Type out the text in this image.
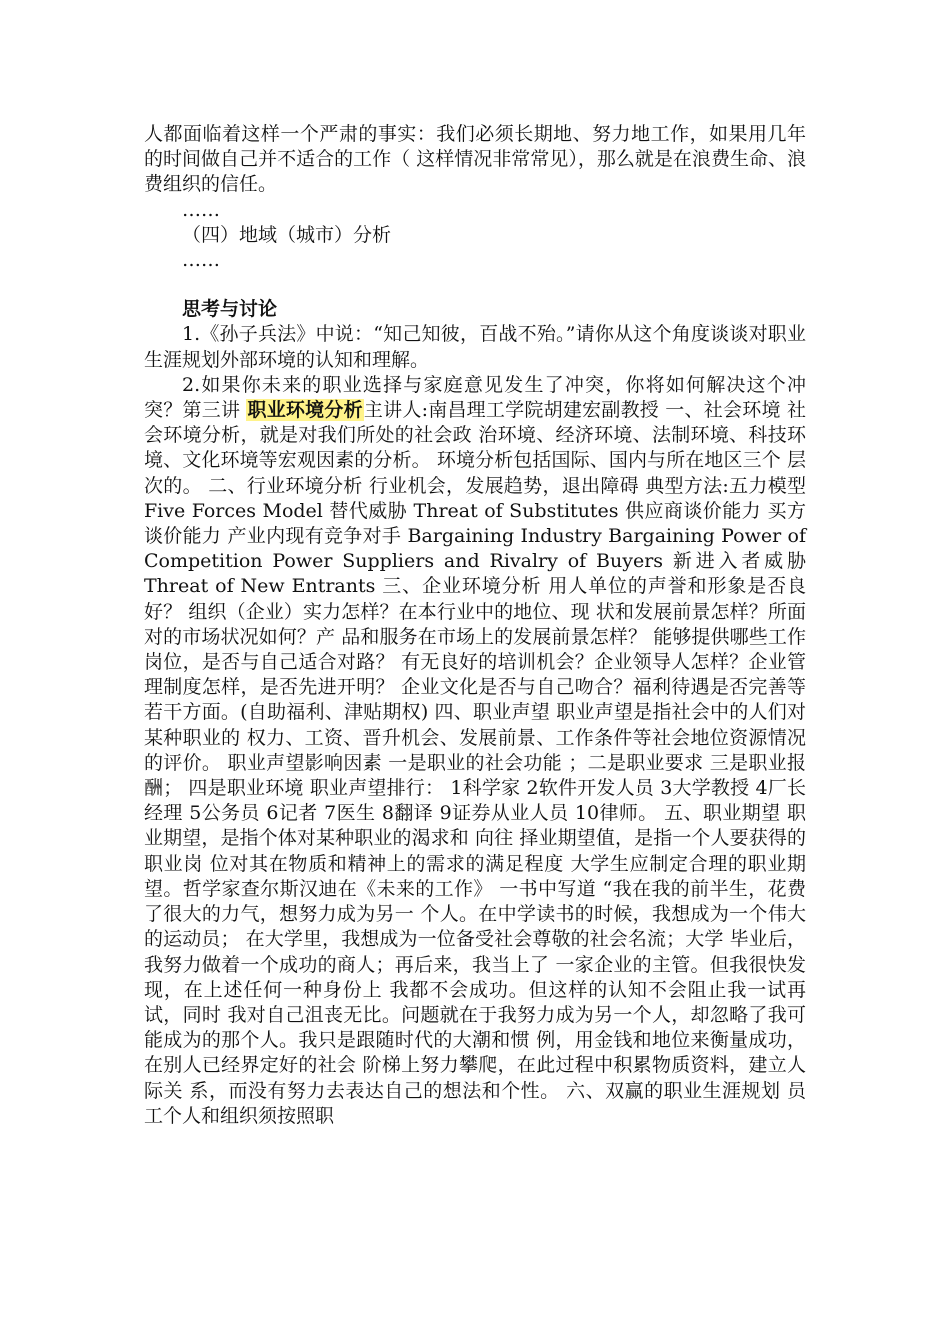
人都面临着这样一个严肃的事实：我们必须长期地、努力地工作，如果用几年的时间做自己并不适合的工作（ 这样情况非常常见），那么就是在浪费生命、浪费组织的信任。

……

（四）地域（城市）分析

……

思考与讨论

1.《孙子兵法》中说：“知己知彼，百战不殆。”请你从这个角度谈谈对职业生涯规划外部环境的认知和理解。

2.如果你未来的职业选择与家庭意见发生了冲突，你将如何解决这个冲突？第三讲 职业环境分析主讲人:南昌理工学院胡建宏副教授 一、社会环境 社会环境分析，就是对我们所处的社会政 治环境、经济环境、法制环境、科技环 境、文化环境等宏观因素的分析。 环境分析包括国际、国内与所在地区三个 层次的。 二、行业环境分析 行业机会，发展趋势，退出障碍 典型方法:五力模型 Five Forces Model 替代威胁 Threat of Substitutes 供应商谈价能力 买方谈价能力 产业内现有竞争对手 Bargaining Industry Bargaining Power of Competition Power Suppliers and Rivalry of Buyers 新进入者威胁 Threat of New Entrants 三、企业环境分析 用人单位的声誉和形象是否良好？ 组织（企业）实力怎样？在本行业中的地位、现 状和发展前景怎样？所面对的市场状况如何？产 品和服务在市场上的发展前景怎样？ 能够提供哪些工作岗位，是否与自己适合对路？ 有无良好的培训机会？企业领导人怎样？企业管 理制度怎样，是否先进开明？ 企业文化是否与自己吻合？福利待遇是否完善等 若干方面。(自助福利、津贴期权) 四、职业声望 职业声望是指社会中的人们对某种职业的 权力、工资、晋升机会、发展前景、工作条件等社会地位资源情况的评价。 职业声望影响因素 一是职业的社会功能 ；二是职业要求 三是职业报酬； 四是职业环境 职业声望排行： 1科学家 2软件开发人员 3大学教授 4厂长经理 5公务员 6记者 7医生 8翻译 9证券从业人员 10律师。 五、职业期望 职业期望，是指个体对某种职业的渴求和 向往 择业期望值，是指一个人要获得的职业岗 位对其在物质和精神上的需求的满足程度 大学生应制定合理的职业期望。哲学家查尔斯汉迪在《未来的工作》 一书中写道 “我在我的前半生，花费了很大的力气，想努力成为另一 个人。在中学读书的时候，我想成为一个伟大的运动员； 在大学里，我想成为一位备受社会尊敬的社会名流；大学 毕业后，我努力做着一个成功的商人；再后来，我当上了 一家企业的主管。但我很快发现，在上述任何一种身份上 我都不会成功。但这样的认知不会阻止我一试再试，同时 我对自己沮丧无比。问题就在于我努力成为另一个人，却忽略了我可能成为的那个人。我只是跟随时代的大潮和惯 例，用金钱和地位来衡量成功，在别人已经界定好的社会 阶梯上努力攀爬，在此过程中积累物质资料，建立人际关 系，而没有努力去表达自己的想法和个性。 六、双赢的职业生涯规划 员工个人和组织须按照职
